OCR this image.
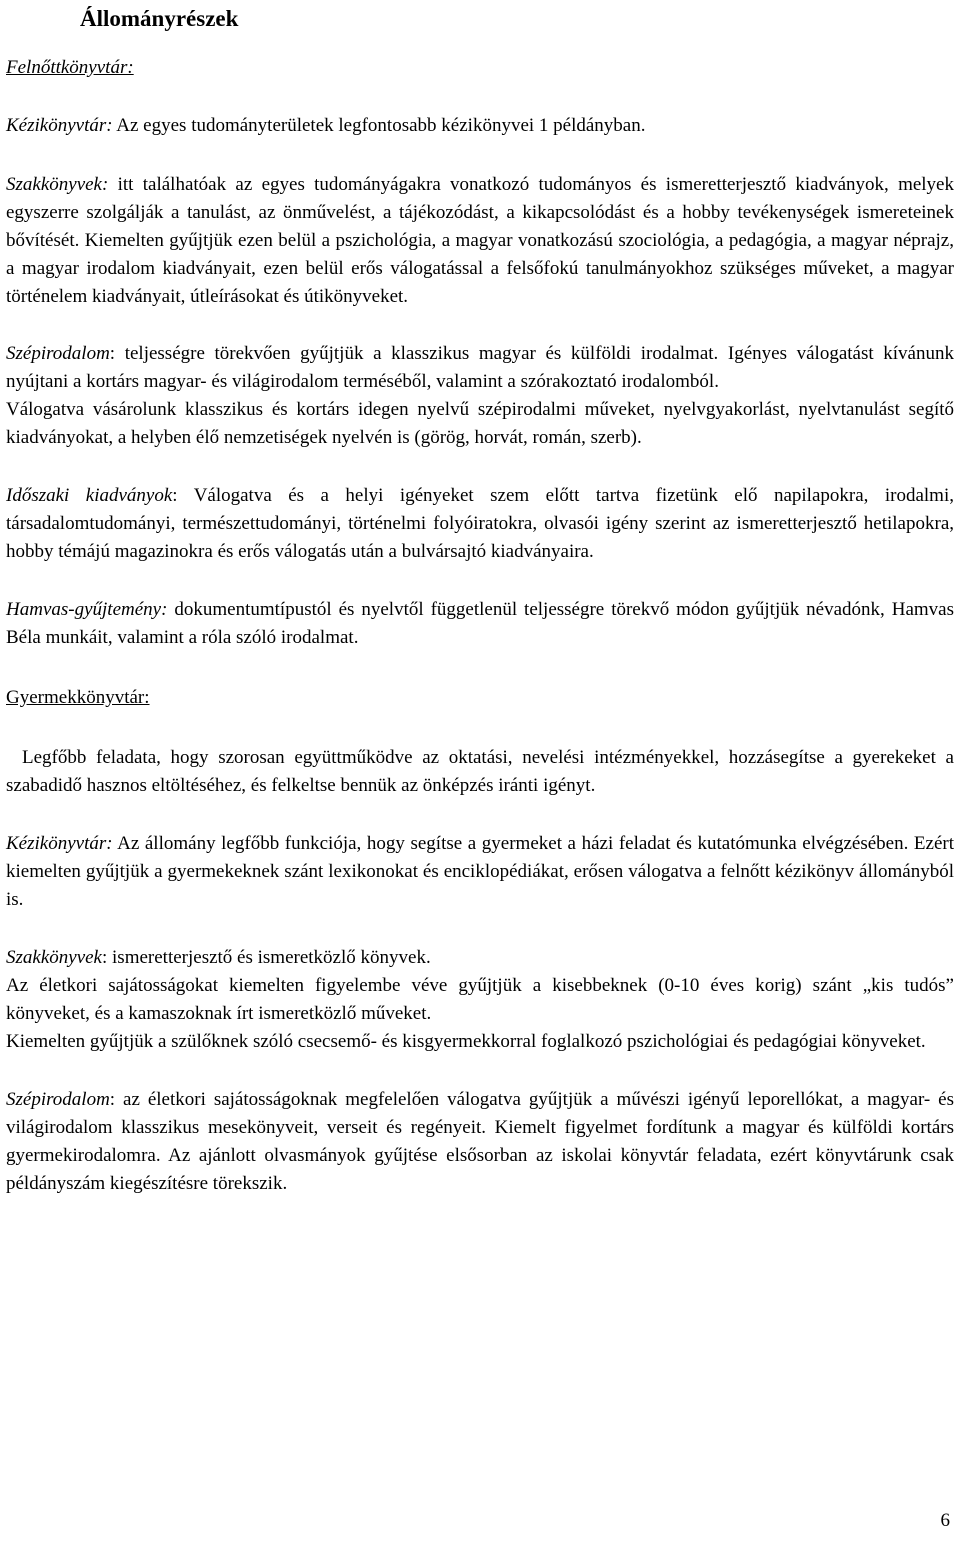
Állományrészek
Felnőttkönyvtár:

Kézikönyvtár: Az egyes tudományterületek legfontosabb kézikönyvei 1 példányban.

Szakkönyvek: itt találhatóak az egyes tudományágakra vonatkozó tudományos és ismeretterjesztő kiadványok, melyek egyszerre szolgálják a tanulást, az önművelést, a tájékozódást, a kikapcsolódást és a hobby tevékenységek ismereteinek bővítését. Kiemelten gyűjtjük ezen belül a pszichológia, a magyar vonatkozású szociológia, a pedagógia, a magyar néprajz, a magyar irodalom kiadványait, ezen belül erős válogatással a felsőfokú tanulmányokhoz szükséges műveket, a magyar történelem kiadványait, útleírásokat és útikönyveket.

Szépirodalom: teljességre törekvően gyűjtjük a klasszikus magyar és külföldi irodalmat. Igényes válogatást kívánunk nyújtani a kortárs magyar- és világirodalom terméséből, valamint a szórakoztató irodalomból.

Válogatva vásárolunk klasszikus és kortárs idegen nyelvű szépirodalmi műveket, nyelvgyakorlást, nyelvtanulást segítő kiadványokat, a helyben élő nemzetiségek nyelvén is (görög, horvát, román, szerb).

Időszaki kiadványok: Válogatva és a helyi igényeket szem előtt tartva fizetünk elő napilapokra, irodalmi, társadalomtudományi, természettudományi, történelmi folyóiratokra, olvasói igény szerint az ismeretterjesztő hetilapokra, hobby témájú magazinokra és erős válogatás után a bulvársajtó kiadványaira.

Hamvas-gyűjtemény: dokumentumtípustól és nyelvtől függetlenül teljességre törekvő módon gyűjtjük névadónk, Hamvas Béla munkáit, valamint a róla szóló irodalmat.

Gyermekkönyvtár:

Legfőbb feladata, hogy szorosan együttműködve az oktatási, nevelési intézményekkel, hozzásegítse a gyerekeket a szabadidő hasznos eltöltéséhez, és felkeltse bennük az önképzés iránti igényt.

Kézikönyvtár: Az állomány legfőbb funkciója, hogy segítse a gyermeket a házi feladat és kutatómunka elvégzésében. Ezért kiemelten gyűjtjük a gyermekeknek szánt lexikonokat és enciklopédiákat, erősen válogatva a felnőtt kézikönyv állományból is.

Szakkönyvek: ismeretterjesztő és ismeretközlő könyvek.

Az életkori sajátosságokat kiemelten figyelembe véve gyűjtjük a kisebbeknek (0-10 éves korig) szánt „kis tudós” könyveket, és a kamaszoknak írt ismeretközlő műveket.

Kiemelten gyűjtjük a szülőknek szóló csecsemő- és kisgyermekkorral foglalkozó pszichológiai és pedagógiai könyveket.

Szépirodalom: az életkori sajátosságoknak megfelelően válogatva gyűjtjük a művészi igényű leporellókat, a magyar- és világirodalom klasszikus mesekönyveit, verseit és regényeit. Kiemelt figyelmet fordítunk a magyar és külföldi kortárs gyermekirodalomra. Az ajánlott olvasmányok gyűjtése elsősorban az iskolai könyvtár feladata, ezért könyvtárunk csak példányszám kiegészítésre törekszik.

6
